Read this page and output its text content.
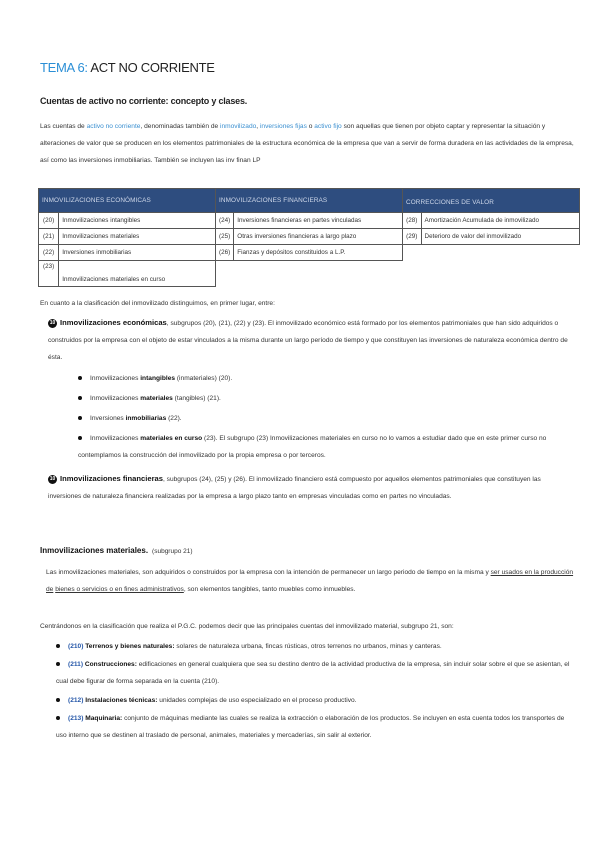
TEMA 6: ACT NO CORRIENTE
Cuentas de activo no corriente: concepto y clases.
Las cuentas de activo no corriente, denominadas también de inmovilizado, inversiones fijas o activo fijo son aquellas que tienen por objeto captar y representar la situación y alteraciones de valor que se producen en los elementos patrimoniales de la estructura económica de la empresa que van a servir de forma duradera en las actividades de la empresa, así como las inversiones inmobiliarias. También se incluyen las inv finan LP
INMOVILIZACIONES ECONÓMICAS		INMOVILIZACIONES FINANCIERAS		CORRECCIONES DE VALOR	
(20)	Inmovilizaciones intangibles	(24)	Inversiones financieras en partes vinculadas	(28)	Amortización Acumulada de inmovilizado
(21)	Inmovilizaciones materiales	(25)	Otras inversiones financieras a largo plazo	(29)	Deterioro de valor del inmovilizado
(22)	Inversiones inmobiliarias	(26)	Fianzas y depósitos constituidos a L.P.		
(23)	Inmovilizaciones materiales en curso				
En cuanto a la clasificación del inmovilizado distinguimos, en primer lugar, entre:
10 Inmovilizaciones económicas, subgrupos (20), (21), (22) y (23). El inmovilizado económico está formado por los elementos patrimoniales que han sido adquiridos o construidos por la empresa con el objeto de estar vinculados a la misma durante un largo período de tiempo y que constituyen las inversiones de naturaleza económica dentro de ésta.
Inmovilizaciones intangibles (inmateriales) (20).
Inmovilizaciones materiales (tangibles) (21).
Inversiones inmobiliarias (22).
Inmovilizaciones materiales en curso (23). El subgrupo (23) Inmovilizaciones materiales en curso no lo vamos a estudiar dado que en este primer curso no contemplamos la construcción del inmovilizado por la propia empresa o por terceros.
10 Inmovilizaciones financieras, subgrupos (24), (25) y (26). El inmovilizado financiero está compuesto por aquellos elementos patrimoniales que constituyen las inversiones de naturaleza financiera realizadas por la empresa a largo plazo tanto en empresas vinculadas como en partes no vinculadas.
Inmovilizaciones materiales. (subgrupo 21)
Las inmovilizaciones materiales, son adquiridos o construidos por la empresa con la intención de permanecer un largo periodo de tiempo en la misma y ser usados en la producción de bienes o servicios o en fines administrativos, son elementos tangibles, tanto muebles como inmuebles.
Centrándonos en la clasificación que realiza el P.G.C. podemos decir que las principales cuentas del inmovilizado material, subgrupo 21, son:
(210) Terrenos y bienes naturales: solares de naturaleza urbana, fincas rústicas, otros terrenos no urbanos, minas y canteras.
(211) Construcciones: edificaciones en general cualquiera que sea su destino dentro de la actividad productiva de la empresa, sin incluir solar sobre el que se asientan, el cual debe figurar de forma separada en la cuenta (210).
(212) Instalaciones técnicas: unidades complejas de uso especializado en el proceso productivo.
(213) Maquinaria: conjunto de máquinas mediante las cuales se realiza la extracción o elaboración de los productos. Se incluyen en esta cuenta todos los transportes de uso interno que se destinen al traslado de personal, animales, materiales y mercaderías, sin salir al exterior.
